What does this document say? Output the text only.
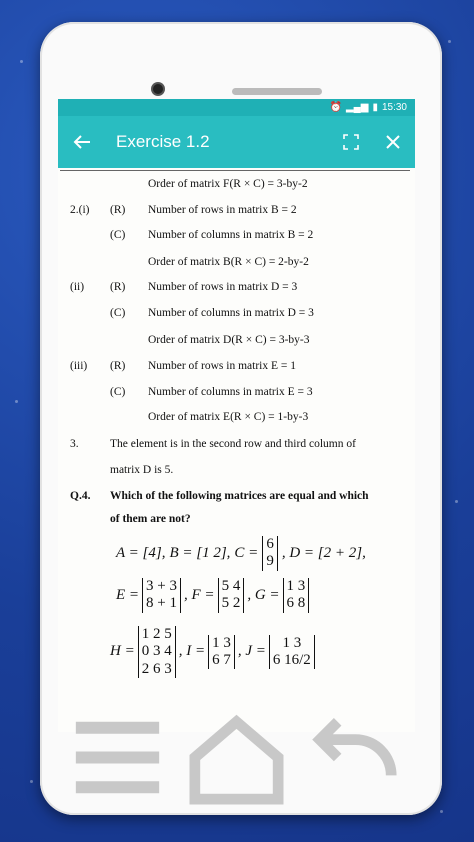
⏰ ▂▄▆ ▮ 15:30
Exercise 1.2
Order of matrix F(R × C) = 3-by-2
2.(i) (R) Number of rows in matrix B = 2
(C) Number of columns in matrix B = 2
Order of matrix B(R × C) = 2-by-2
(ii) (R) Number of rows in matrix D = 3
(C) Number of columns in matrix D = 3
Order of matrix D(R × C) = 3-by-3
(iii) (R) Number of rows in matrix E = 1
(C) Number of columns in matrix E = 3
Order of matrix E(R × C) = 1-by-3
3.	The element is in the second row and third column of
matrix D is 5.
Q.4. Which of the following matrices are equal and which
of them are not?
A = [4], B = [1 2], C =
6
9
, D = [2 + 2],
E =
3 + 3
8 + 1
, F =
5 4
5 2
, G =
1 3
6 8
H =
1 2 5
0 3 4
2 6 3
, I =
1 3
6 7
, J =
1 3
6 16/2
